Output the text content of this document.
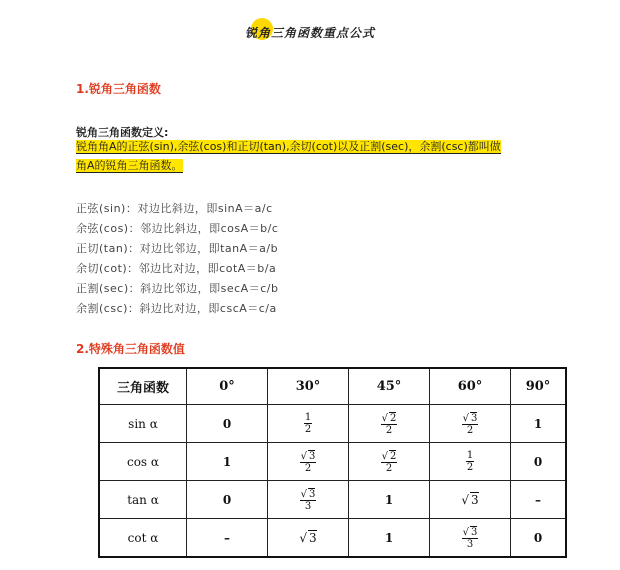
锐角三角函数重点公式
1.锐角三角函数
锐角三角函数定义:
锐角角A的正弦(sin),余弦(cos)和正切(tan),余切(cot)以及正割(sec)，余割(csc)都叫做
角A的锐角三角函数。
正弦(sin)：对边比斜边，即sinA＝a/c
余弦(cos)：邻边比斜边，即cosA＝b/c
正切(tan)：对边比邻边，即tanA＝a/b
余切(cot)：邻边比对边，即cotA＝b/a
正割(sec)：斜边比邻边，即secA＝c/b
余割(csc)：斜边比对边，即cscA＝c/a
2.特殊角三角函数值
三角函数	0°	30°	45°	60°	90°
sin α	0	$\frac{1}{2}$	$\frac{√ 2}{2}$	$\frac{√ 3}{2}$	1
cos α	1	$\frac{√ 3}{2}$	$\frac{√ 2}{2}$	$\frac{1}{2}$	0
tan α	0	$\frac{√ 3}{3}$	1	√ 3	–
cot α	–	√ 3	1	$\frac{√ 3}{3}$	0
